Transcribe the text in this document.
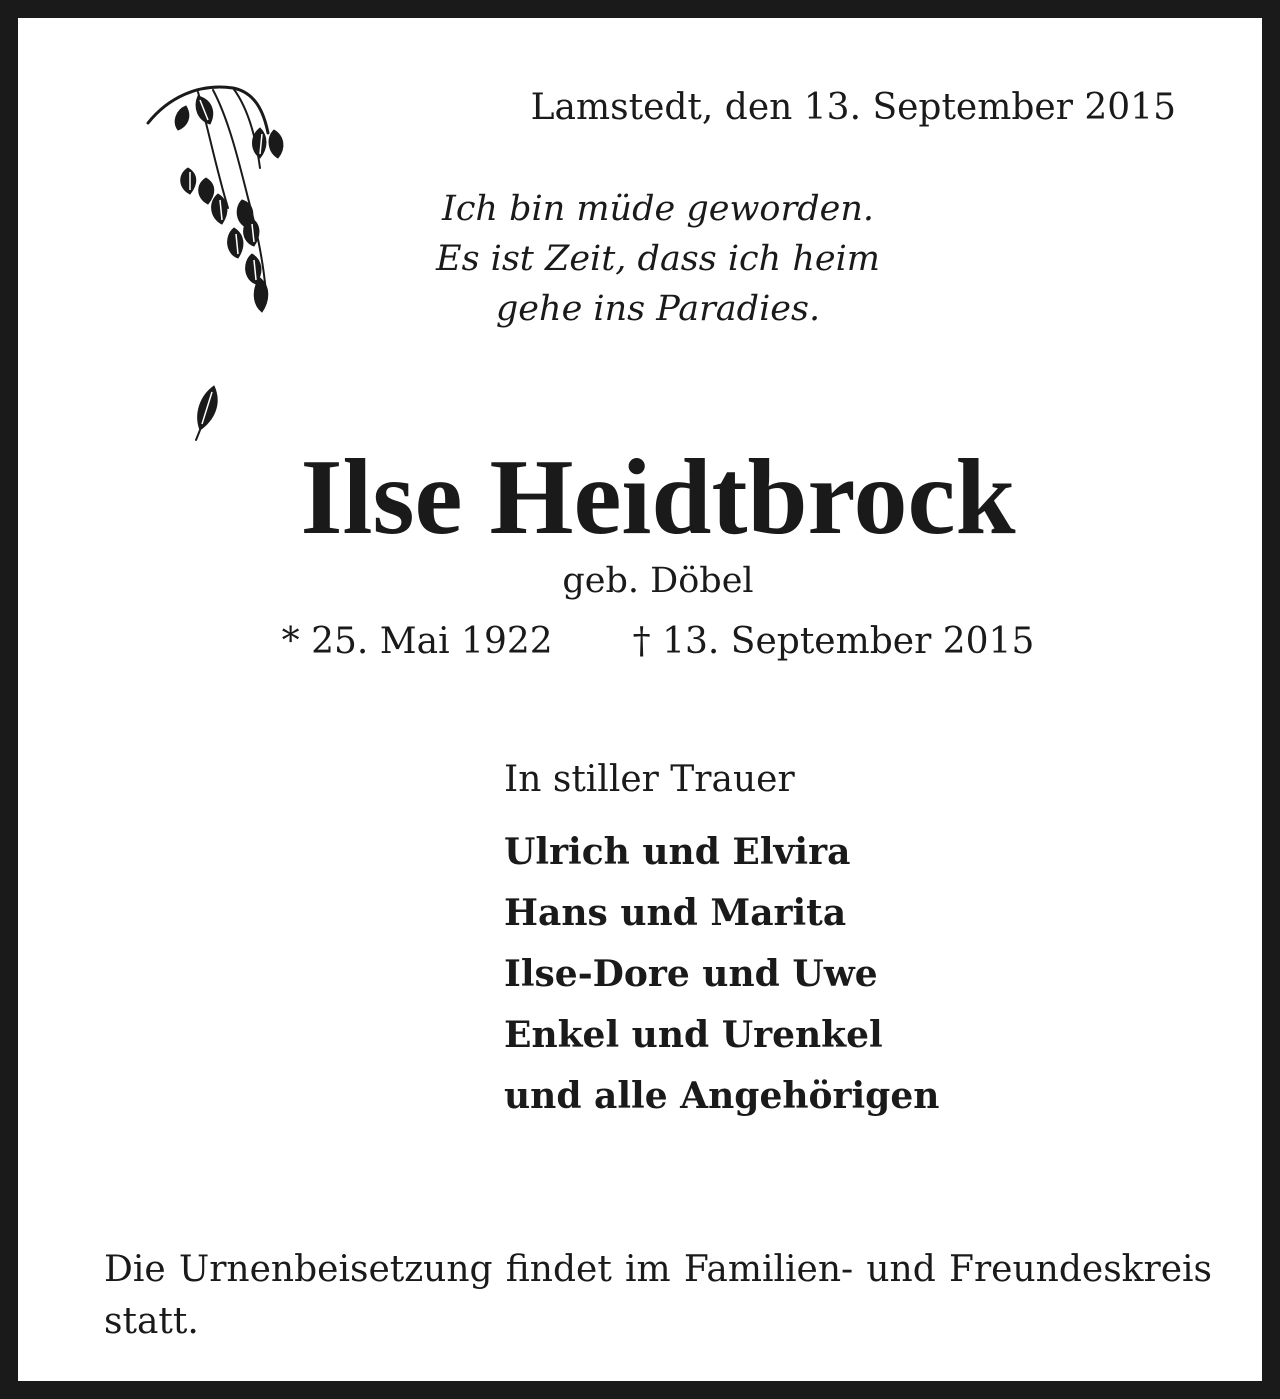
Lamstedt, den 13. September 2015
Ich bin müde geworden.
Es ist Zeit, dass ich heim
gehe ins Paradies.
Ilse Heidtbrock
geb. Döbel
* 25. Mai 1922 † 13. September 2015
In stiller Trauer
Ulrich und Elvira
Hans und Marita
Ilse-Dore und Uwe
Enkel und Urenkel
und alle Angehörigen
Die Urnenbeisetzung findet im Familien- und Freundeskreis statt.
